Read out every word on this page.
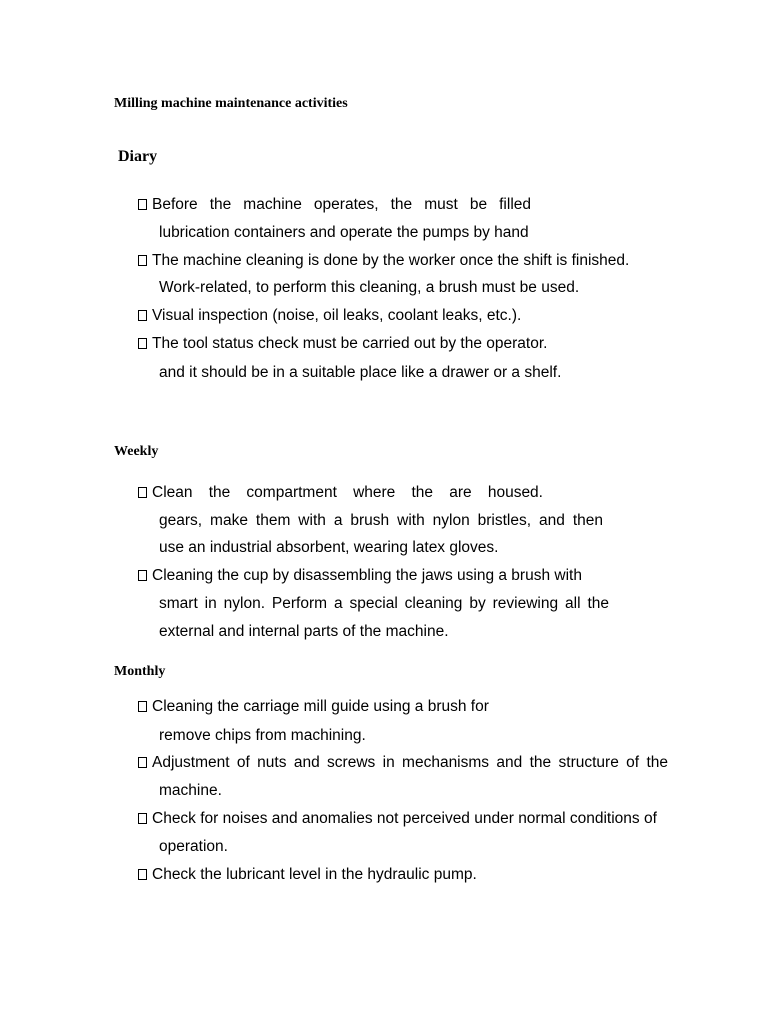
Milling machine maintenance activities
Diary
Before the machine operates, the must be filled
lubrication containers and operate the pumps by hand
The machine cleaning is done by the worker once the shift is finished.
Work-related, to perform this cleaning, a brush must be used.
Visual inspection (noise, oil leaks, coolant leaks, etc.).
The tool status check must be carried out by the operator.
and it should be in a suitable place like a drawer or a shelf.
Weekly
Clean the compartment where the are housed.
gears, make them with a brush with nylon bristles, and then
use an industrial absorbent, wearing latex gloves.
Cleaning the cup by disassembling the jaws using a brush with
smart in nylon. Perform a special cleaning by reviewing all the
external and internal parts of the machine.
Monthly
Cleaning the carriage mill guide using a brush for
remove chips from machining.
Adjustment of nuts and screws in mechanisms and the structure of the
machine.
Check for noises and anomalies not perceived under normal conditions of
operation.
Check the lubricant level in the hydraulic pump.
